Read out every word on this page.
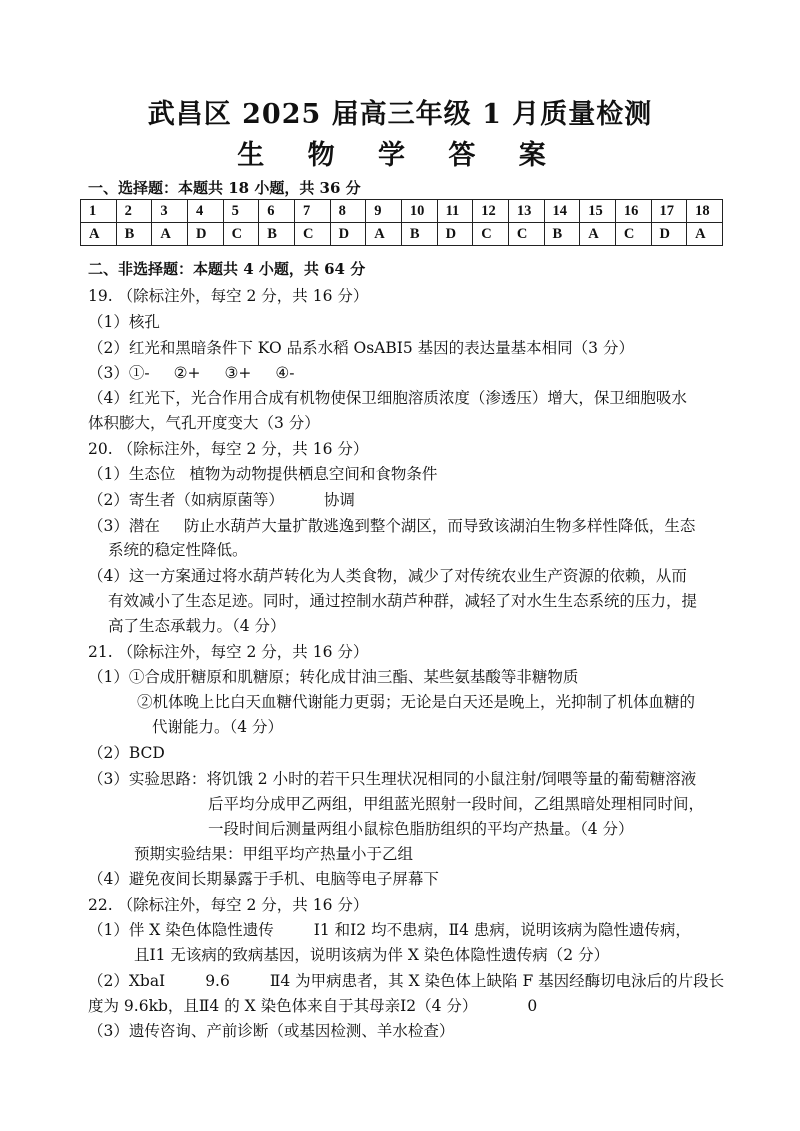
武昌区 2025 届高三年级 1 月质量检测
生 物 学 答 案

一、选择题：本题共 18 小题，共 36 分

1	2	3	4	5	6	7	8	9	10	11	12	13	14	15	16	17	18
A	B	A	D	C	B	C	D	A	B	D	C	C	B	A	C	D	A

二、非选择题：本题共 4 小题，共 64 分

19. （除标注外，每空 2 分，共 16 分）

（1）核孔

（2）红光和黑暗条件下 KO 品系水稻 OsABI5 基因的表达量基本相同（3 分）

（3）①- ②+ ③+ ④-

（4）红光下，光合作用合成有机物使保卫细胞溶质浓度（渗透压）增大，保卫细胞吸水

体积膨大，气孔开度变大（3 分）

20. （除标注外，每空 2 分，共 16 分）

（1）生态位 植物为动物提供栖息空间和食物条件

（2）寄生者（如病原菌等）	协调

（3）潜在 防止水葫芦大量扩散逃逸到整个湖区，而导致该湖泊生物多样性降低，生态

系统的稳定性降低。

（4）这一方案通过将水葫芦转化为人类食物，减少了对传统农业生产资源的依赖，从而

有效减小了生态足迹。同时，通过控制水葫芦种群，减轻了对水生生态系统的压力，提

高了生态承载力。（4 分）

21. （除标注外，每空 2 分，共 16 分）

（1）①合成肝糖原和肌糖原；转化成甘油三酯、某些氨基酸等非糖物质

②机体晚上比白天血糖代谢能力更弱；无论是白天还是晚上，光抑制了机体血糖的

代谢能力。（4 分）

（2）BCD

（3）实验思路：将饥饿 2 小时的若干只生理状况相同的小鼠注射/饲喂等量的葡萄糖溶液

后平均分成甲乙两组，甲组蓝光照射一段时间，乙组黑暗处理相同时间，

一段时间后测量两组小鼠棕色脂肪组织的平均产热量。（4 分）

预期实验结果：甲组平均产热量小于乙组

（4）避免夜间长期暴露于手机、电脑等电子屏幕下

22. （除标注外，每空 2 分，共 16 分）

（1）伴 X 染色体隐性遗传	Ⅰ1 和Ⅰ2 均不患病，Ⅱ4 患病，说明该病为隐性遗传病，

且Ⅰ1 无该病的致病基因，说明该病为伴 X 染色体隐性遗传病（2 分）

（2）XbaI	9.6	Ⅱ4 为甲病患者，其 X 染色体上缺陷 F 基因经酶切电泳后的片段长

度为 9.6kb，且Ⅱ4 的 X 染色体来自于其母亲Ⅰ2（4 分）	0

（3）遗传咨询、产前诊断（或基因检测、羊水检查）
